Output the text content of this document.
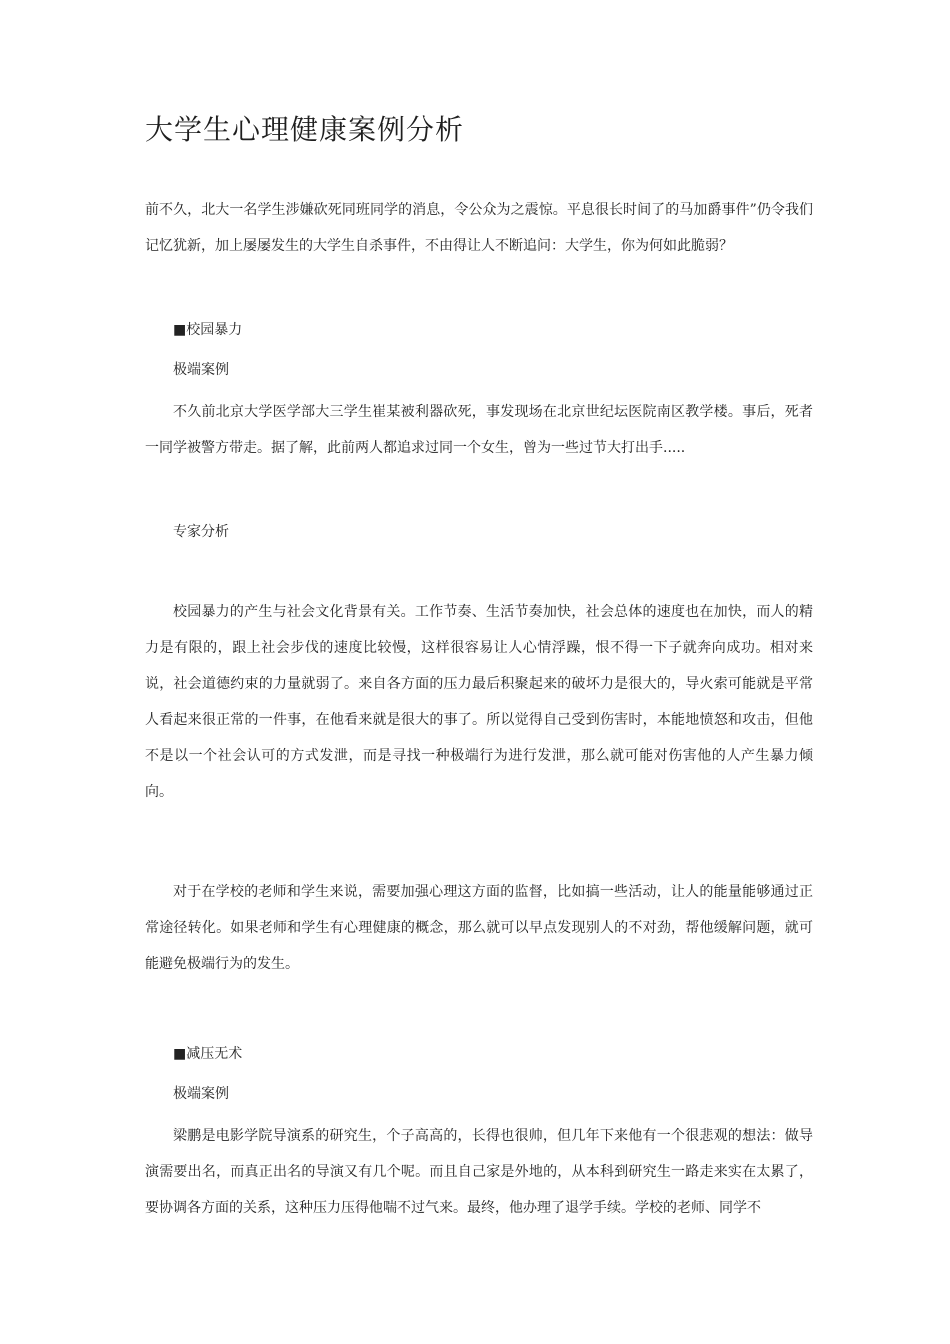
大学生心理健康案例分析

前不久，北大一名学生涉嫌砍死同班同学的消息，令公众为之震惊。平息很长时间了的马加爵事件”仍令我们记忆犹新，加上屡屡发生的大学生自杀事件，不由得让人不断追问：大学生，你为何如此脆弱？

■校园暴力
极端案例

不久前北京大学医学部大三学生崔某被利器砍死，事发现场在北京世纪坛医院南区教学楼。事后，死者一同学被警方带走。据了解，此前两人都追求过同一个女生，曾为一些过节大打出手.....

专家分析

校园暴力的产生与社会文化背景有关。工作节奏、生活节奏加快，社会总体的速度也在加快，而人的精力是有限的，跟上社会步伐的速度比较慢，这样很容易让人心情浮躁，恨不得一下子就奔向成功。相对来说，社会道德约束的力量就弱了。来自各方面的压力最后积聚起来的破坏力是很大的，导火索可能就是平常人看起来很正常的一件事，在他看来就是很大的事了。所以觉得自己受到伤害时，本能地愤怒和攻击，但他不是以一个社会认可的方式发泄，而是寻找一种极端行为进行发泄，那么就可能对伤害他的人产生暴力倾向。

对于在学校的老师和学生来说，需要加强心理这方面的监督，比如搞一些活动，让人的能量能够通过正常途径转化。如果老师和学生有心理健康的概念，那么就可以早点发现别人的不对劲，帮他缓解问题，就可能避免极端行为的发生。

■减压无术
极端案例

梁鹏是电影学院导演系的研究生，个子高高的，长得也很帅，但几年下来他有一个很悲观的想法：做导演需要出名，而真正出名的导演又有几个呢。而且自己家是外地的，从本科到研究生一路走来实在太累了，要协调各方面的关系，这种压力压得他喘不过气来。最终，他办理了退学手续。学校的老师、同学不
